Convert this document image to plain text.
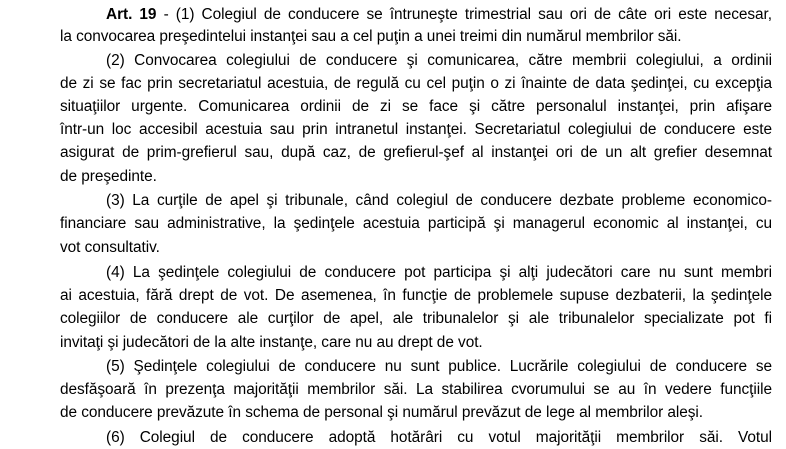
Art. 19 - (1) Colegiul de conducere se întruneşte trimestrial sau ori de câte ori este necesar,
la convocarea preşedintelui instanţei sau a cel puţin a unei treimi din numărul membrilor săi.
(2) Convocarea colegiului de conducere şi comunicarea, către membrii colegiului, a ordinii
de zi se fac prin secretariatul acestuia, de regulă cu cel puţin o zi înainte de data şedinţei, cu excepţia
situaţiilor urgente. Comunicarea ordinii de zi se face şi către personalul instanţei, prin afişare
într-un loc accesibil acestuia sau prin intranetul instanţei. Secretariatul colegiului de conducere este
asigurat de prim-grefierul sau, după caz, de grefierul-şef al instanţei ori de un alt grefier desemnat
de preşedinte.
(3) La curţile de apel şi tribunale, când colegiul de conducere dezbate probleme economico-
financiare sau administrative, la şedinţele acestuia participă şi managerul economic al instanţei, cu
vot consultativ.
(4) La şedinţele colegiului de conducere pot participa şi alţi judecători care nu sunt membri
ai acestuia, fără drept de vot. De asemenea, în funcţie de problemele supuse dezbaterii, la şedinţele
colegiilor de conducere ale curţilor de apel, ale tribunalelor şi ale tribunalelor specializate pot fi
invitaţi şi judecători de la alte instanţe, care nu au drept de vot.
(5) Şedinţele colegiului de conducere nu sunt publice. Lucrările colegiului de conducere se
desfăşoară în prezenţa majorităţii membrilor săi. La stabilirea cvorumului se au în vedere funcţiile
de conducere prevăzute în schema de personal şi numărul prevăzut de lege al membrilor aleşi.
(6) Colegiul de conducere adoptă hotărâri cu votul majorităţii membrilor săi. Votul
